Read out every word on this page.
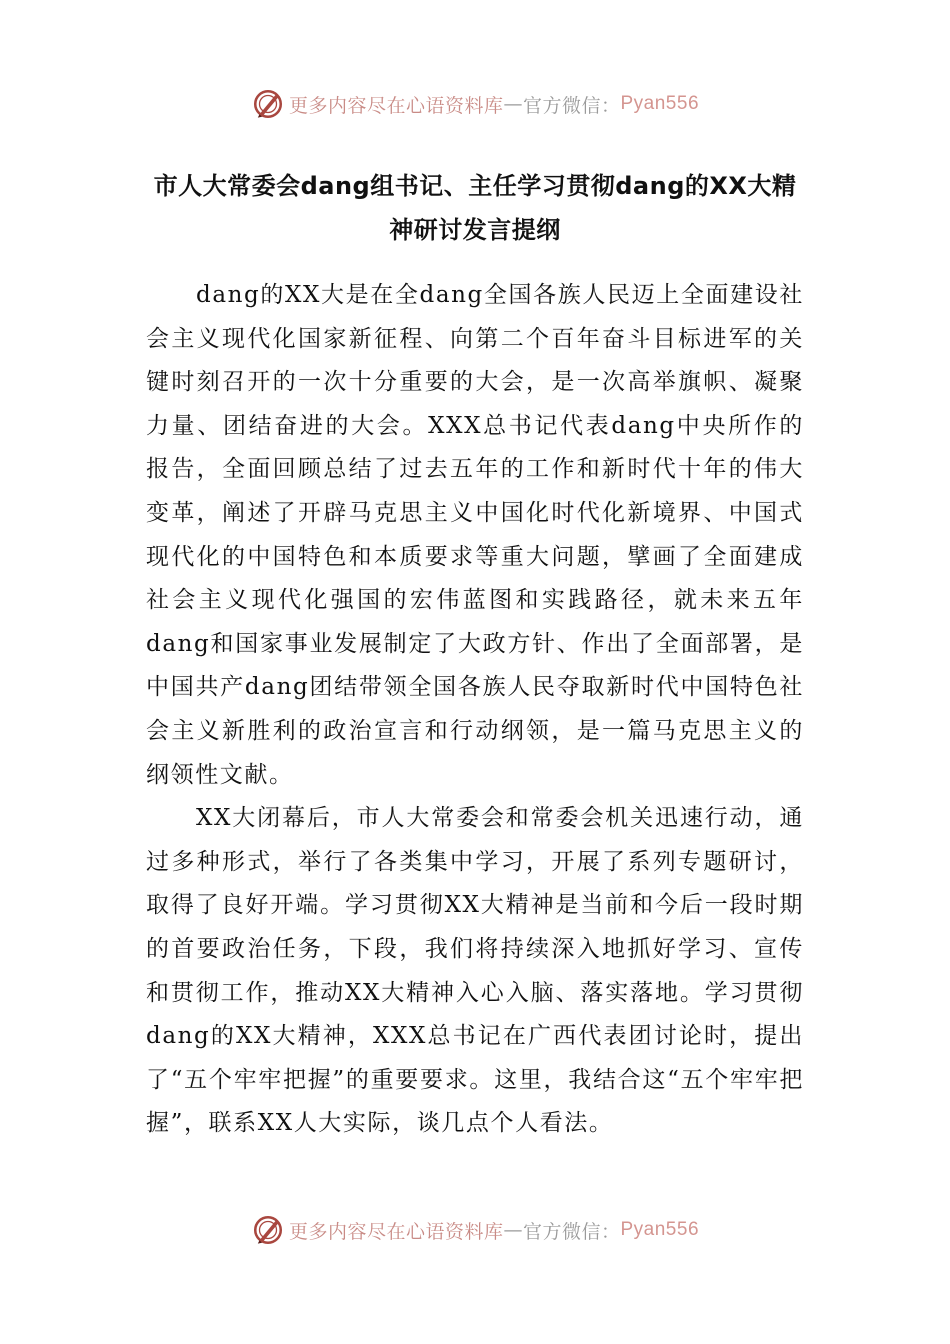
更多内容尽在心语资料库 — 官方微信： Pyan556
市人大常委会dang组书记、主任学习贯彻dang的XX大精神研讨发言提纲

dang的XX大是在全dang全国各族人民迈上全面建设社会主义现代化国家新征程、向第二个百年奋斗目标进军的关键时刻召开的一次十分重要的大会，是一次高举旗帜、凝聚力量、团结奋进的大会。XXX总书记代表dang中央所作的报告，全面回顾总结了过去五年的工作和新时代十年的伟大变革，阐述了开辟马克思主义中国化时代化新境界、中国式现代化的中国特色和本质要求等重大问题，擘画了全面建成社会主义现代化强国的宏伟蓝图和实践路径，就未来五年dang和国家事业发展制定了大政方针、作出了全面部署，是中国共产dang团结带领全国各族人民夺取新时代中国特色社会主义新胜利的政治宣言和行动纲领，是一篇马克思主义的纲领性文献。

XX大闭幕后，市人大常委会和常委会机关迅速行动，通过多种形式，举行了各类集中学习，开展了系列专题研讨，取得了良好开端。学习贯彻XX大精神是当前和今后一段时期的首要政治任务，下段，我们将持续深入地抓好学习、宣传和贯彻工作，推动XX大精神入心入脑、落实落地。学习贯彻dang的XX大精神，XXX总书记在广西代表团讨论时，提出了“五个牢牢把握”的重要要求。这里，我结合这“五个牢牢把握”，联系XX人大实际，谈几点个人看法。

更多内容尽在心语资料库 — 官方微信： Pyan556
